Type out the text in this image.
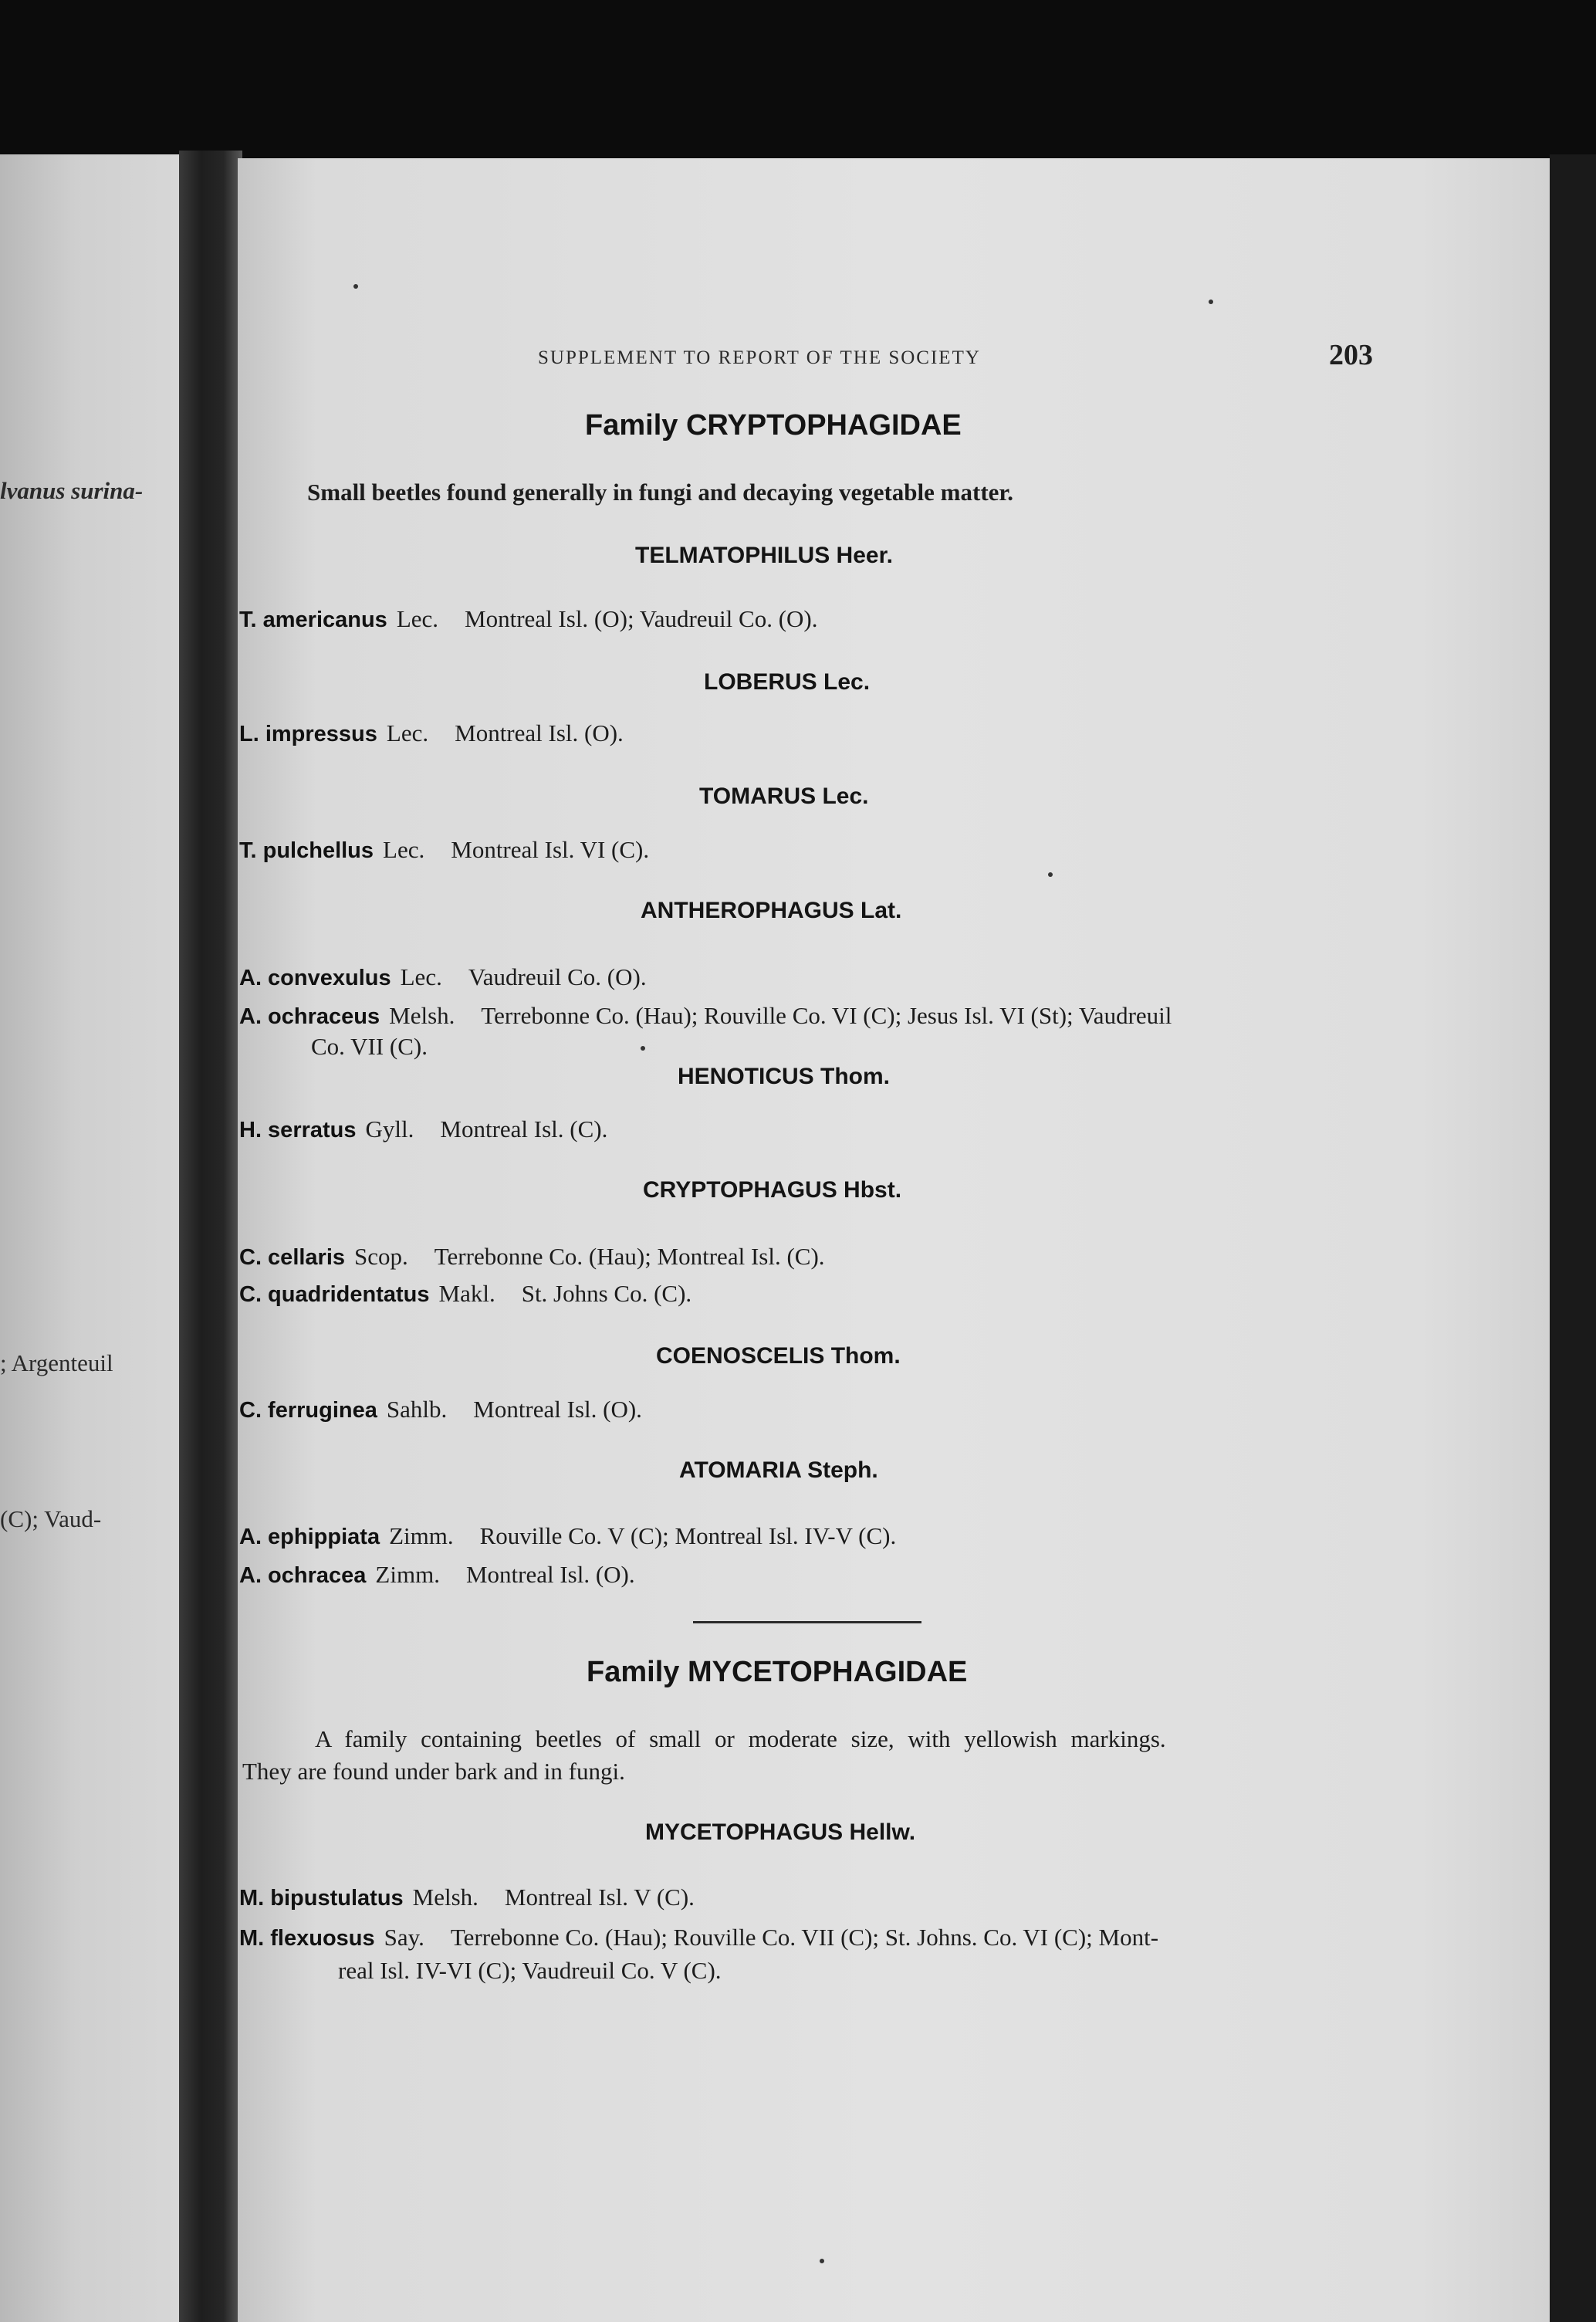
lvanus surina-
; Argenteuil
(C); Vaud-
SUPPLEMENT TO REPORT OF THE SOCIETY	203
Family CRYPTOPHAGIDAE
Small beetles found generally in fungi and decaying vegetable matter.
TELMATOPHILUS Heer.
T. americanus Lec. Montreal Isl. (O); Vaudreuil Co. (O).
LOBERUS Lec.
L. impressus Lec. Montreal Isl. (O).
TOMARUS Lec.
T. pulchellus Lec. Montreal Isl. VI (C).
ANTHEROPHAGUS Lat.
A. convexulus Lec. Vaudreuil Co. (O).
A. ochraceus Melsh. Terrebonne Co. (Hau); Rouville Co. VI (C); Jesus Isl. VI (St); Vaudreuil
Co. VII (C).
HENOTICUS Thom.
H. serratus Gyll. Montreal Isl. (C).
CRYPTOPHAGUS Hbst.
C. cellaris Scop. Terrebonne Co. (Hau); Montreal Isl. (C).
C. quadridentatus Makl. St. Johns Co. (C).
COENOSCELIS Thom.
C. ferruginea Sahlb. Montreal Isl. (O).
ATOMARIA Steph.
A. ephippiata Zimm. Rouville Co. V (C); Montreal Isl. IV-V (C).
A. ochracea Zimm. Montreal Isl. (O).
Family MYCETOPHAGIDAE
A family containing beetles of small or moderate size, with yellowish markings.
They are found under bark and in fungi.
MYCETOPHAGUS Hellw.
M. bipustulatus Melsh. Montreal Isl. V (C).
M. flexuosus Say. Terrebonne Co. (Hau); Rouville Co. VII (C); St. Johns. Co. VI (C); Mont-
real Isl. IV-VI (C); Vaudreuil Co. V (C).
